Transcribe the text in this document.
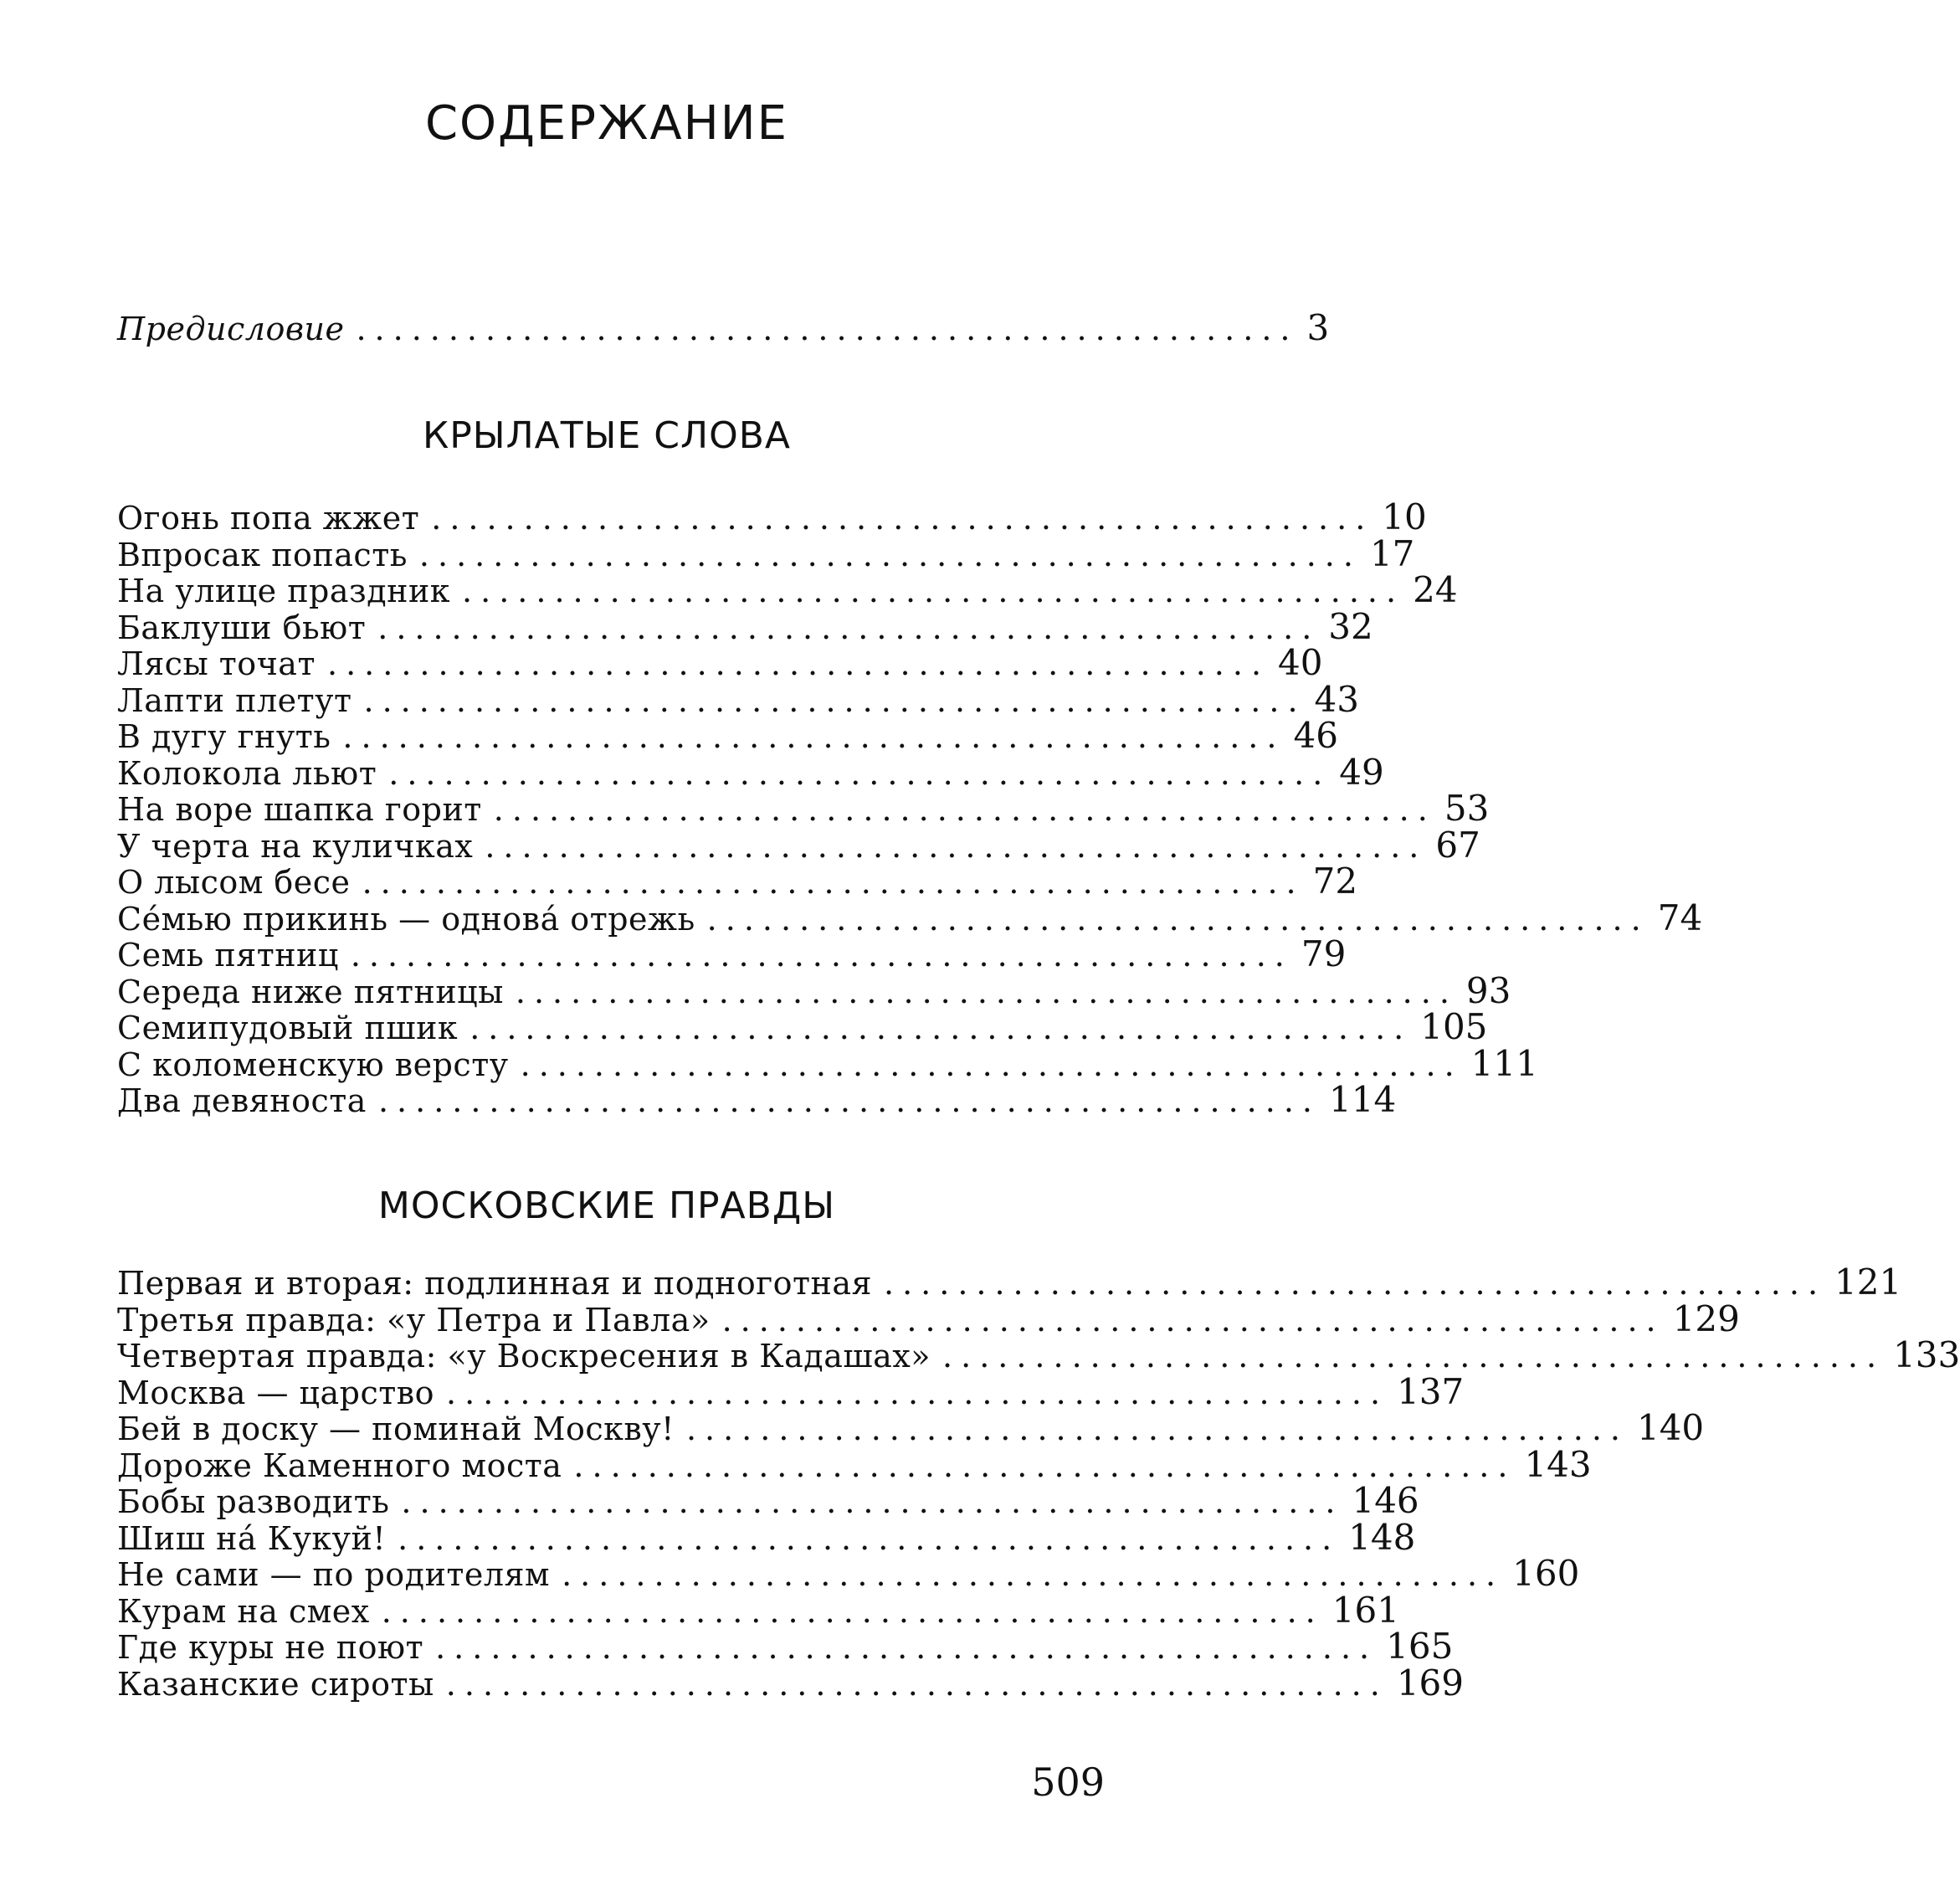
СОДЕРЖАНИЕ
Предисловие ................................................... 3
КРЫЛАТЫЕ СЛОВА
Огонь попа жжет ................................................... 10
Впросак попасть ................................................... 17
На улице праздник ................................................... 24
Баклуши бьют ................................................... 32
Лясы точат ................................................... 40
Лапти плетут ................................................... 43
В дугу гнуть ................................................... 46
Колокола льют ................................................... 49
На воре шапка горит ................................................... 53
У черта на куличках ................................................... 67
О лысом бесе ................................................... 72
Се́мью прикинь — однова́ отрежь ................................................... 74
Семь пятниц ................................................... 79
Середа ниже пятницы ................................................... 93
Семипудовый пшик ................................................... 105
С коломенскую версту ................................................... 111
Два девяноста ................................................... 114
МОСКОВСКИЕ ПРАВДЫ
Первая и вторая: подлинная и подноготная ................................................... 121
Третья правда: «у Петра и Павла» ................................................... 129
Четвертая правда: «у Воскресения в Кадашах» ................................................... 133
Москва — царство ................................................... 137
Бей в доску — поминай Москву! ................................................... 140
Дороже Каменного моста ................................................... 143
Бобы разводить ................................................... 146
Шиш на́ Кукуй! ................................................... 148
Не сами — по родителям ................................................... 160
Курам на смех ................................................... 161
Где куры не поют ................................................... 165
Казанские сироты ................................................... 169
509
